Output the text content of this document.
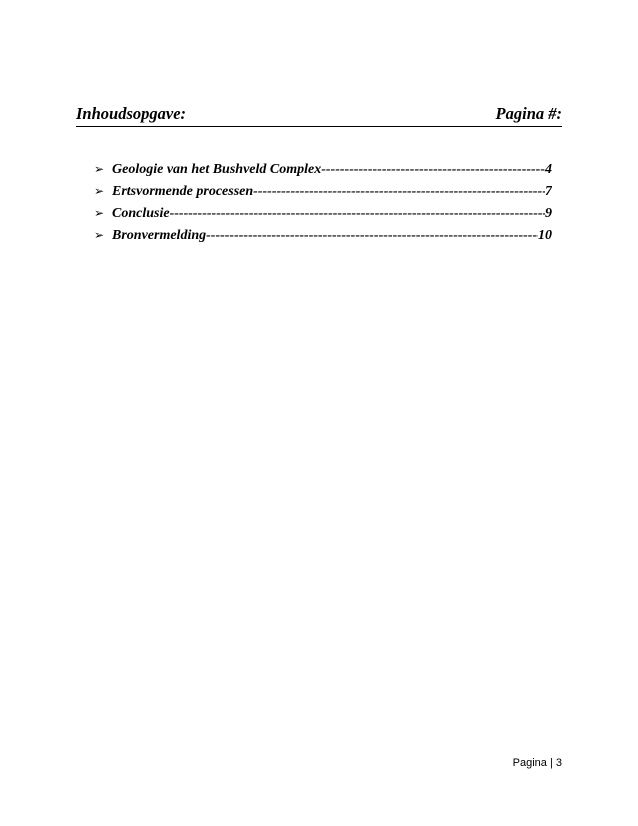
Inhoudsopgave:	Pagina #:
➢ Geologie van het Bushveld Complex -----	4
➢ Ertsvormende processen -----	7
➢ Conclusie -----	9
➢ Bronvermelding -----	10
Pagina | 3
